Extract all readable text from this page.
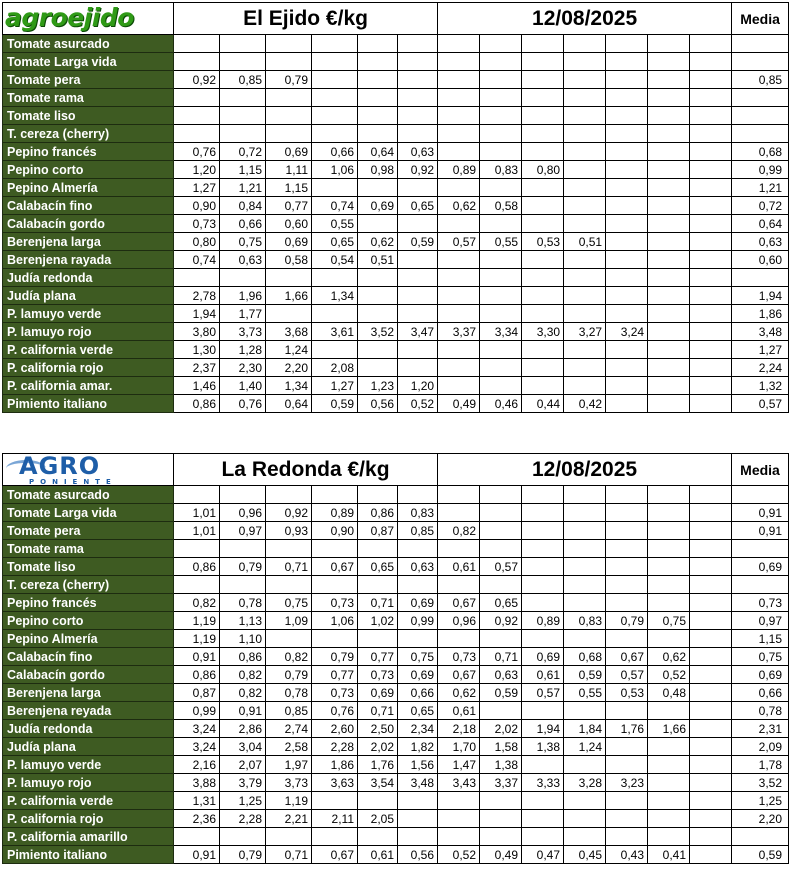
agroejido	El Ejido €/kg						12/08/2025							Media
Tomate asurcado														
Tomate Larga vida														
Tomate pera	0,92	0,85	0,79											0,85
Tomate rama														
Tomate liso														
T. cereza (cherry)														
Pepino francés	0,76	0,72	0,69	0,66	0,64	0,63								0,68
Pepino corto	1,20	1,15	1,11	1,06	0,98	0,92	0,89	0,83	0,80					0,99
Pepino Almería	1,27	1,21	1,15											1,21
Calabacín fino	0,90	0,84	0,77	0,74	0,69	0,65	0,62	0,58						0,72
Calabacín gordo	0,73	0,66	0,60	0,55										0,64
Berenjena larga	0,80	0,75	0,69	0,65	0,62	0,59	0,57	0,55	0,53	0,51				0,63
Berenjena rayada	0,74	0,63	0,58	0,54	0,51									0,60
Judía redonda														
Judía plana	2,78	1,96	1,66	1,34										1,94
P. lamuyo verde	1,94	1,77												1,86
P. lamuyo rojo	3,80	3,73	3,68	3,61	3,52	3,47	3,37	3,34	3,30	3,27	3,24			3,48
P. california verde	1,30	1,28	1,24											1,27
P. california rojo	2,37	2,30	2,20	2,08										2,24
P. california amar.	1,46	1,40	1,34	1,27	1,23	1,20								1,32
Pimiento italiano	0,86	0,76	0,64	0,59	0,56	0,52	0,49	0,46	0,44	0,42				0,57
AGRO
PONIENTE	La Redonda €/kg						12/08/2025							Media
Tomate asurcado														
Tomate Larga vida	1,01	0,96	0,92	0,89	0,86	0,83								0,91
Tomate pera	1,01	0,97	0,93	0,90	0,87	0,85	0,82							0,91
Tomate rama														
Tomate liso	0,86	0,79	0,71	0,67	0,65	0,63	0,61	0,57						0,69
T. cereza (cherry)														
Pepino francés	0,82	0,78	0,75	0,73	0,71	0,69	0,67	0,65						0,73
Pepino corto	1,19	1,13	1,09	1,06	1,02	0,99	0,96	0,92	0,89	0,83	0,79	0,75		0,97
Pepino Almería	1,19	1,10												1,15
Calabacín fino	0,91	0,86	0,82	0,79	0,77	0,75	0,73	0,71	0,69	0,68	0,67	0,62		0,75
Calabacín gordo	0,86	0,82	0,79	0,77	0,73	0,69	0,67	0,63	0,61	0,59	0,57	0,52		0,69
Berenjena larga	0,87	0,82	0,78	0,73	0,69	0,66	0,62	0,59	0,57	0,55	0,53	0,48		0,66
Berenjena reyada	0,99	0,91	0,85	0,76	0,71	0,65	0,61							0,78
Judía redonda	3,24	2,86	2,74	2,60	2,50	2,34	2,18	2,02	1,94	1,84	1,76	1,66		2,31
Judía plana	3,24	3,04	2,58	2,28	2,02	1,82	1,70	1,58	1,38	1,24				2,09
P. lamuyo verde	2,16	2,07	1,97	1,86	1,76	1,56	1,47	1,38						1,78
P. lamuyo rojo	3,88	3,79	3,73	3,63	3,54	3,48	3,43	3,37	3,33	3,28	3,23			3,52
P. california verde	1,31	1,25	1,19											1,25
P. california rojo	2,36	2,28	2,21	2,11	2,05									2,20
P. california amarillo														
Pimiento italiano	0,91	0,79	0,71	0,67	0,61	0,56	0,52	0,49	0,47	0,45	0,43	0,41		0,59
